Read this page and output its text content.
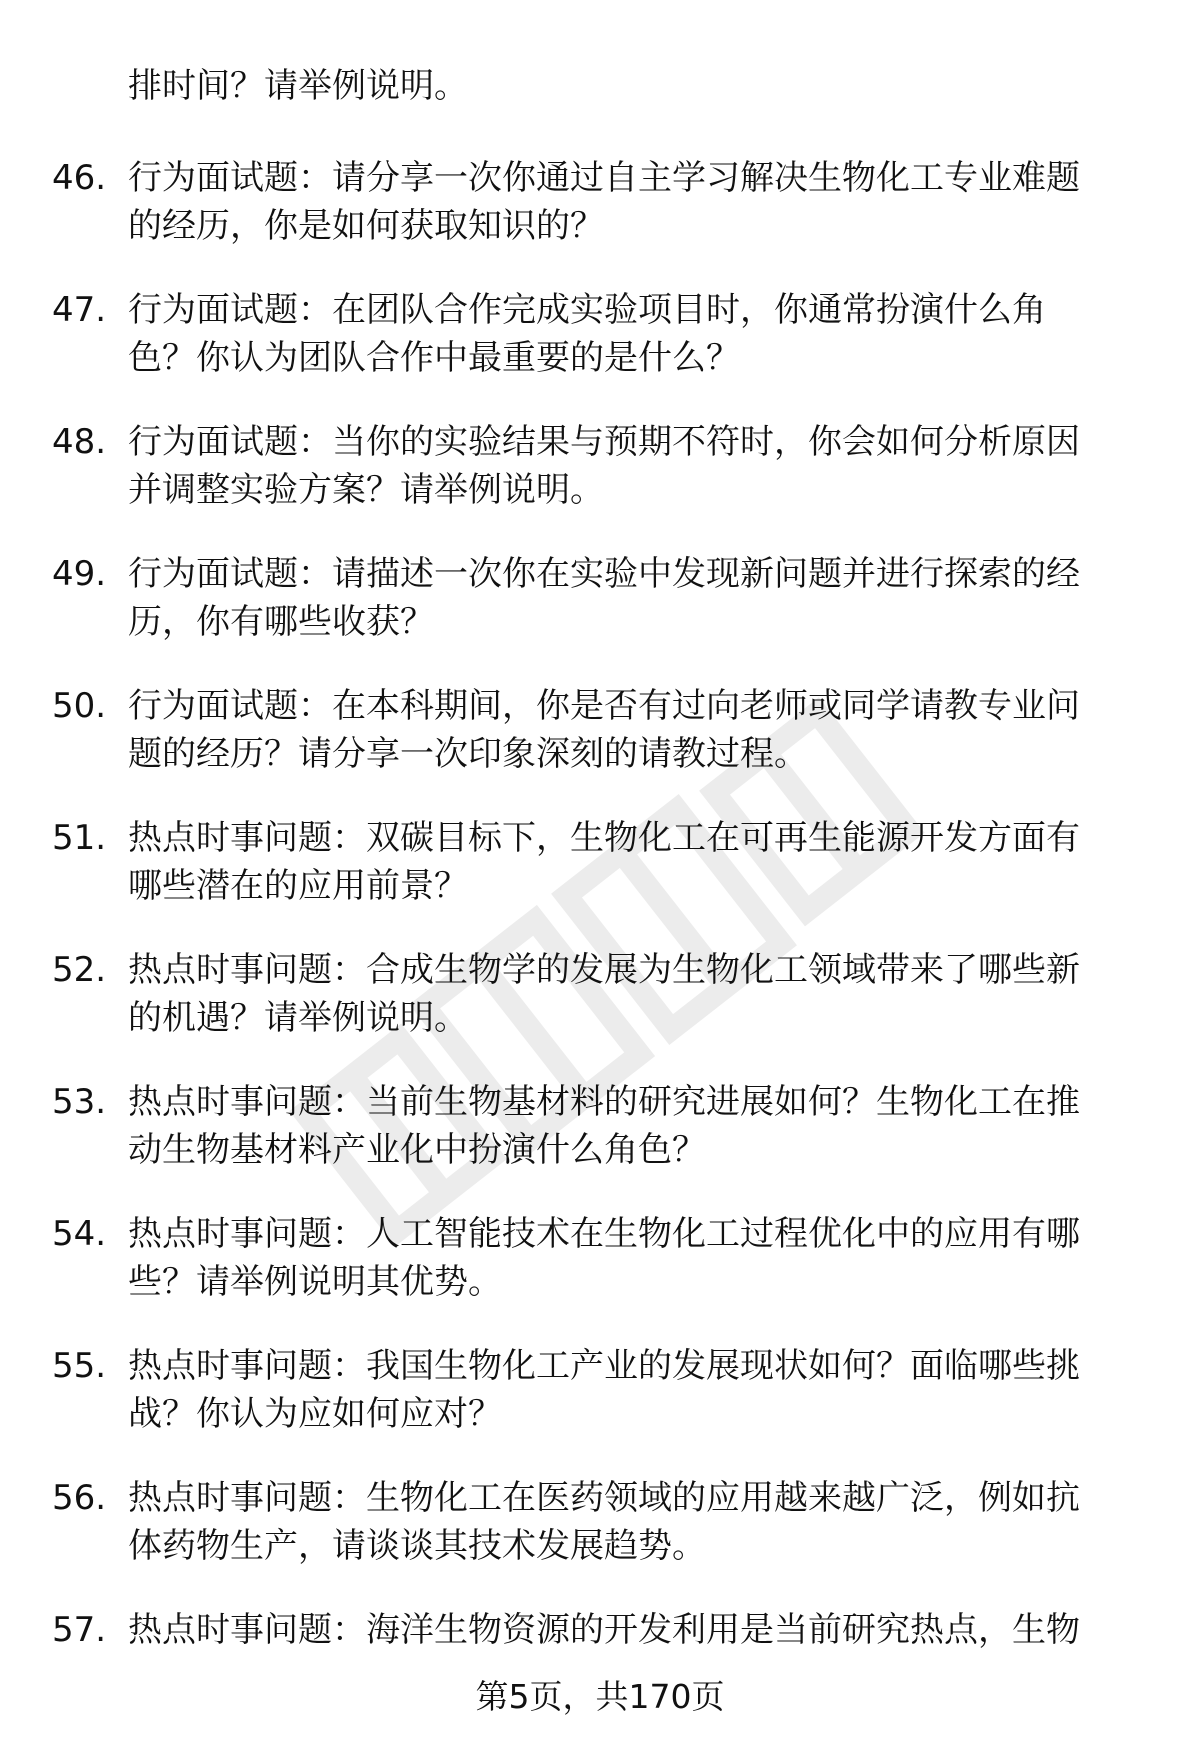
排时间？请举例说明。
46. 行为面试题：请分享一次你通过自主学习解决生物化工专业难题
的经历，你是如何获取知识的？
47. 行为面试题：在团队合作完成实验项目时，你通常扮演什么角
色？你认为团队合作中最重要的是什么？
48. 行为面试题：当你的实验结果与预期不符时，你会如何分析原因
并调整实验方案？请举例说明。
49. 行为面试题：请描述一次你在实验中发现新问题并进行探索的经
历，你有哪些收获？
50. 行为面试题：在本科期间，你是否有过向老师或同学请教专业问
题的经历？请分享一次印象深刻的请教过程。
51. 热点时事问题：双碳目标下，生物化工在可再生能源开发方面有
哪些潜在的应用前景？
52. 热点时事问题：合成生物学的发展为生物化工领域带来了哪些新
的机遇？请举例说明。
53. 热点时事问题：当前生物基材料的研究进展如何？生物化工在推
动生物基材料产业化中扮演什么角色？
54. 热点时事问题：人工智能技术在生物化工过程优化中的应用有哪
些？请举例说明其优势。
55. 热点时事问题：我国生物化工产业的发展现状如何？面临哪些挑
战？你认为应如何应对？
56. 热点时事问题：生物化工在医药领域的应用越来越广泛，例如抗
体药物生产，请谈谈其技术发展趋势。
57. 热点时事问题：海洋生物资源的开发利用是当前研究热点，生物
第5页，共170页
